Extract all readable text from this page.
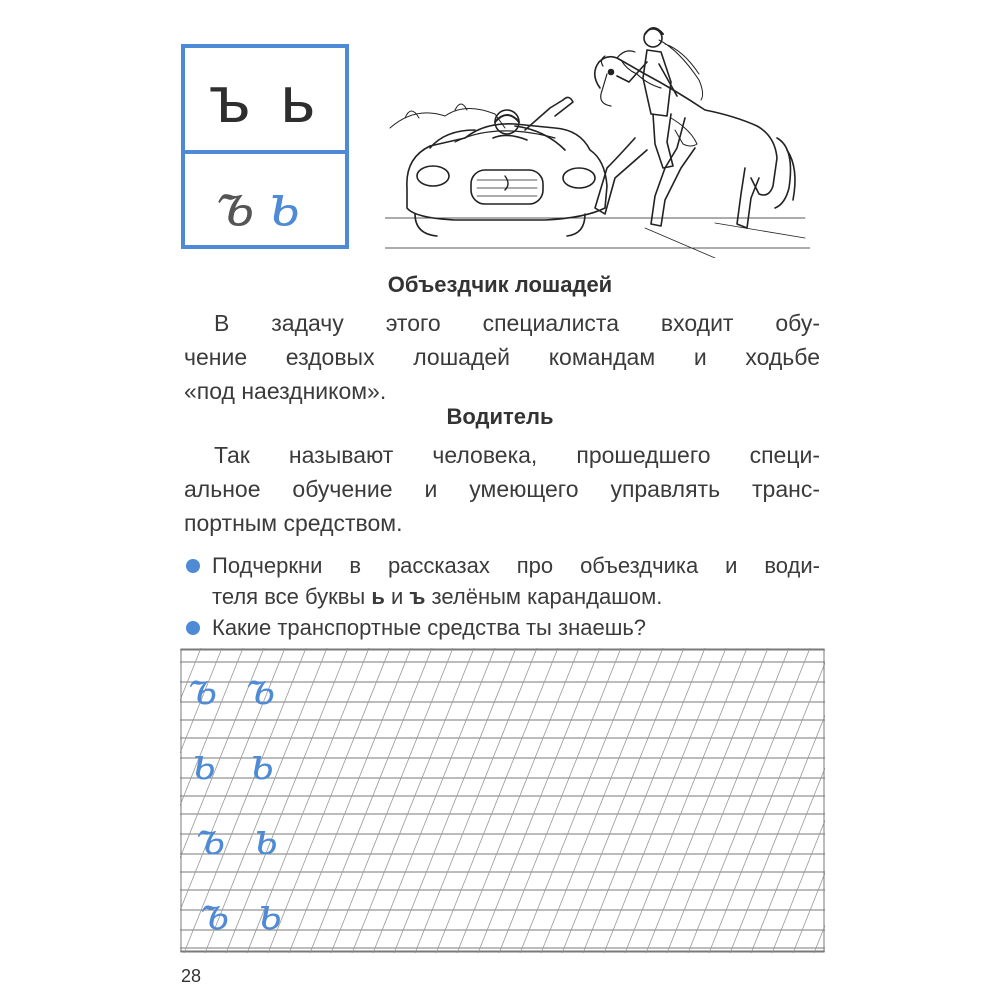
ъ ь
ъь
Объездчик лошадей
В задачу этого специалиста входит обу-
чение ездовых лошадей командам и ходьбе
«под наездником».
Водитель
Так называют человека, прошедшего специ-
альное обучение и умеющего управлять транс-
портным средством.
Подчеркни в рассказах про объездчика и води-
теля все буквы ь и ъ зелёным карандашом.
Какие транспортные средства ты знаешь?
ъ ъ
ь ь
ъ ь
ъ ь
28
